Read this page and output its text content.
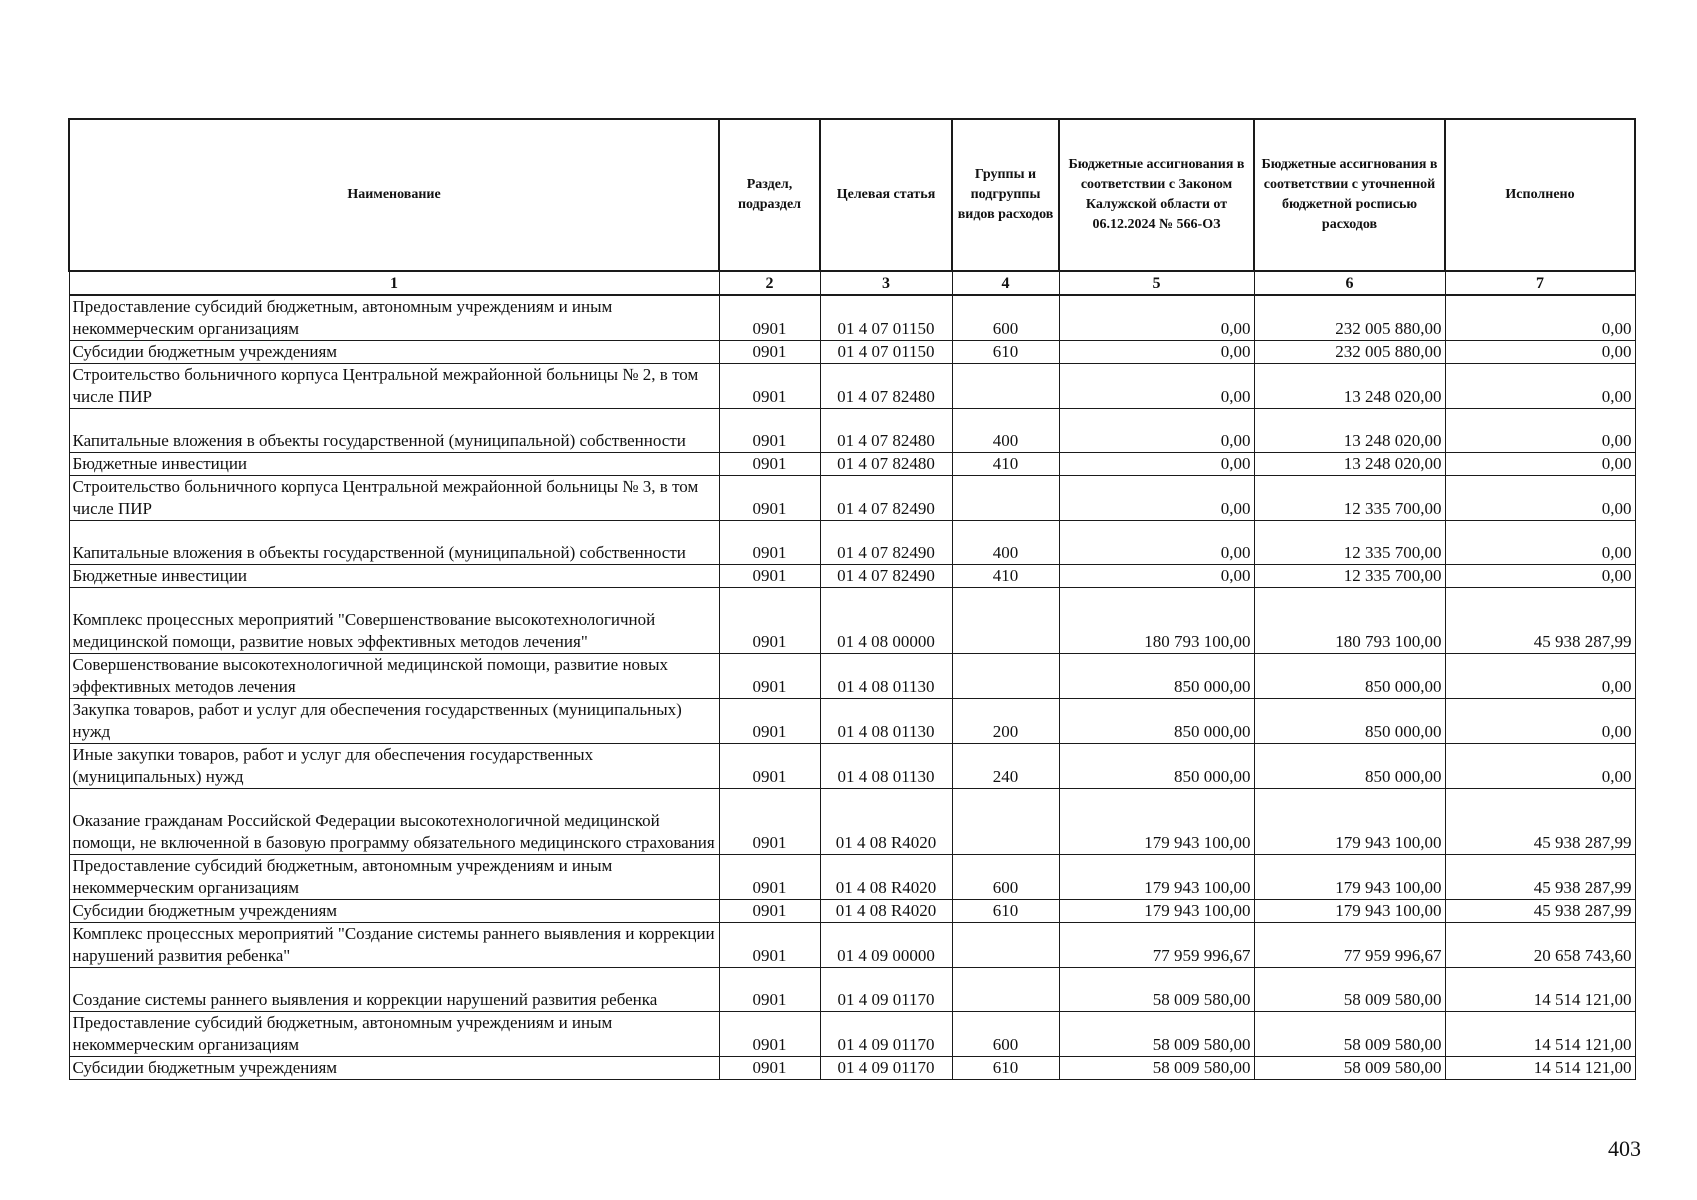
Наименование	Раздел, подраздел	Целевая статья	Группы и подгруппы видов расходов	Бюджетные ассигнования в соответствии с Законом Калужской области от 06.12.2024 № 566-ОЗ	Бюджетные ассигнования в соответствии с уточненной бюджетной росписью расходов	Исполнено
1	2	3	4	5	6	7
Предоставление субсидий бюджетным, автономным учреждениям и иным некоммерческим организациям	0901	01 4 07 01150	600	0,00	232 005 880,00	0,00
Субсидии бюджетным учреждениям	0901	01 4 07 01150	610	0,00	232 005 880,00	0,00
Строительство больничного корпуса Центральной межрайонной больницы № 2, в том числе ПИР	0901	01 4 07 82480		0,00	13 248 020,00	0,00
Капитальные вложения в объекты государственной (муниципальной) собственности	0901	01 4 07 82480	400	0,00	13 248 020,00	0,00
Бюджетные инвестиции	0901	01 4 07 82480	410	0,00	13 248 020,00	0,00
Строительство больничного корпуса Центральной межрайонной больницы № 3, в том числе ПИР	0901	01 4 07 82490		0,00	12 335 700,00	0,00
Капитальные вложения в объекты государственной (муниципальной) собственности	0901	01 4 07 82490	400	0,00	12 335 700,00	0,00
Бюджетные инвестиции	0901	01 4 07 82490	410	0,00	12 335 700,00	0,00
Комплекс процессных мероприятий "Совершенствование высокотехнологичной медицинской помощи, развитие новых эффективных методов лечения"	0901	01 4 08 00000		180 793 100,00	180 793 100,00	45 938 287,99
Совершенствование высокотехнологичной медицинской помощи, развитие новых эффективных методов лечения	0901	01 4 08 01130		850 000,00	850 000,00	0,00
Закупка товаров, работ и услуг для обеспечения государственных (муниципальных) нужд	0901	01 4 08 01130	200	850 000,00	850 000,00	0,00
Иные закупки товаров, работ и услуг для обеспечения государственных (муниципальных) нужд	0901	01 4 08 01130	240	850 000,00	850 000,00	0,00
Оказание гражданам Российской Федерации высокотехнологичной медицинской помощи, не включенной в базовую программу обязательного медицинского страхования	0901	01 4 08 R4020		179 943 100,00	179 943 100,00	45 938 287,99
Предоставление субсидий бюджетным, автономным учреждениям и иным некоммерческим организациям	0901	01 4 08 R4020	600	179 943 100,00	179 943 100,00	45 938 287,99
Субсидии бюджетным учреждениям	0901	01 4 08 R4020	610	179 943 100,00	179 943 100,00	45 938 287,99
Комплекс процессных мероприятий "Создание системы раннего выявления и коррекции нарушений развития ребенка"	0901	01 4 09 00000		77 959 996,67	77 959 996,67	20 658 743,60
Создание системы раннего выявления и коррекции нарушений развития ребенка	0901	01 4 09 01170		58 009 580,00	58 009 580,00	14 514 121,00
Предоставление субсидий бюджетным, автономным учреждениям и иным некоммерческим организациям	0901	01 4 09 01170	600	58 009 580,00	58 009 580,00	14 514 121,00
Субсидии бюджетным учреждениям	0901	01 4 09 01170	610	58 009 580,00	58 009 580,00	14 514 121,00
403
